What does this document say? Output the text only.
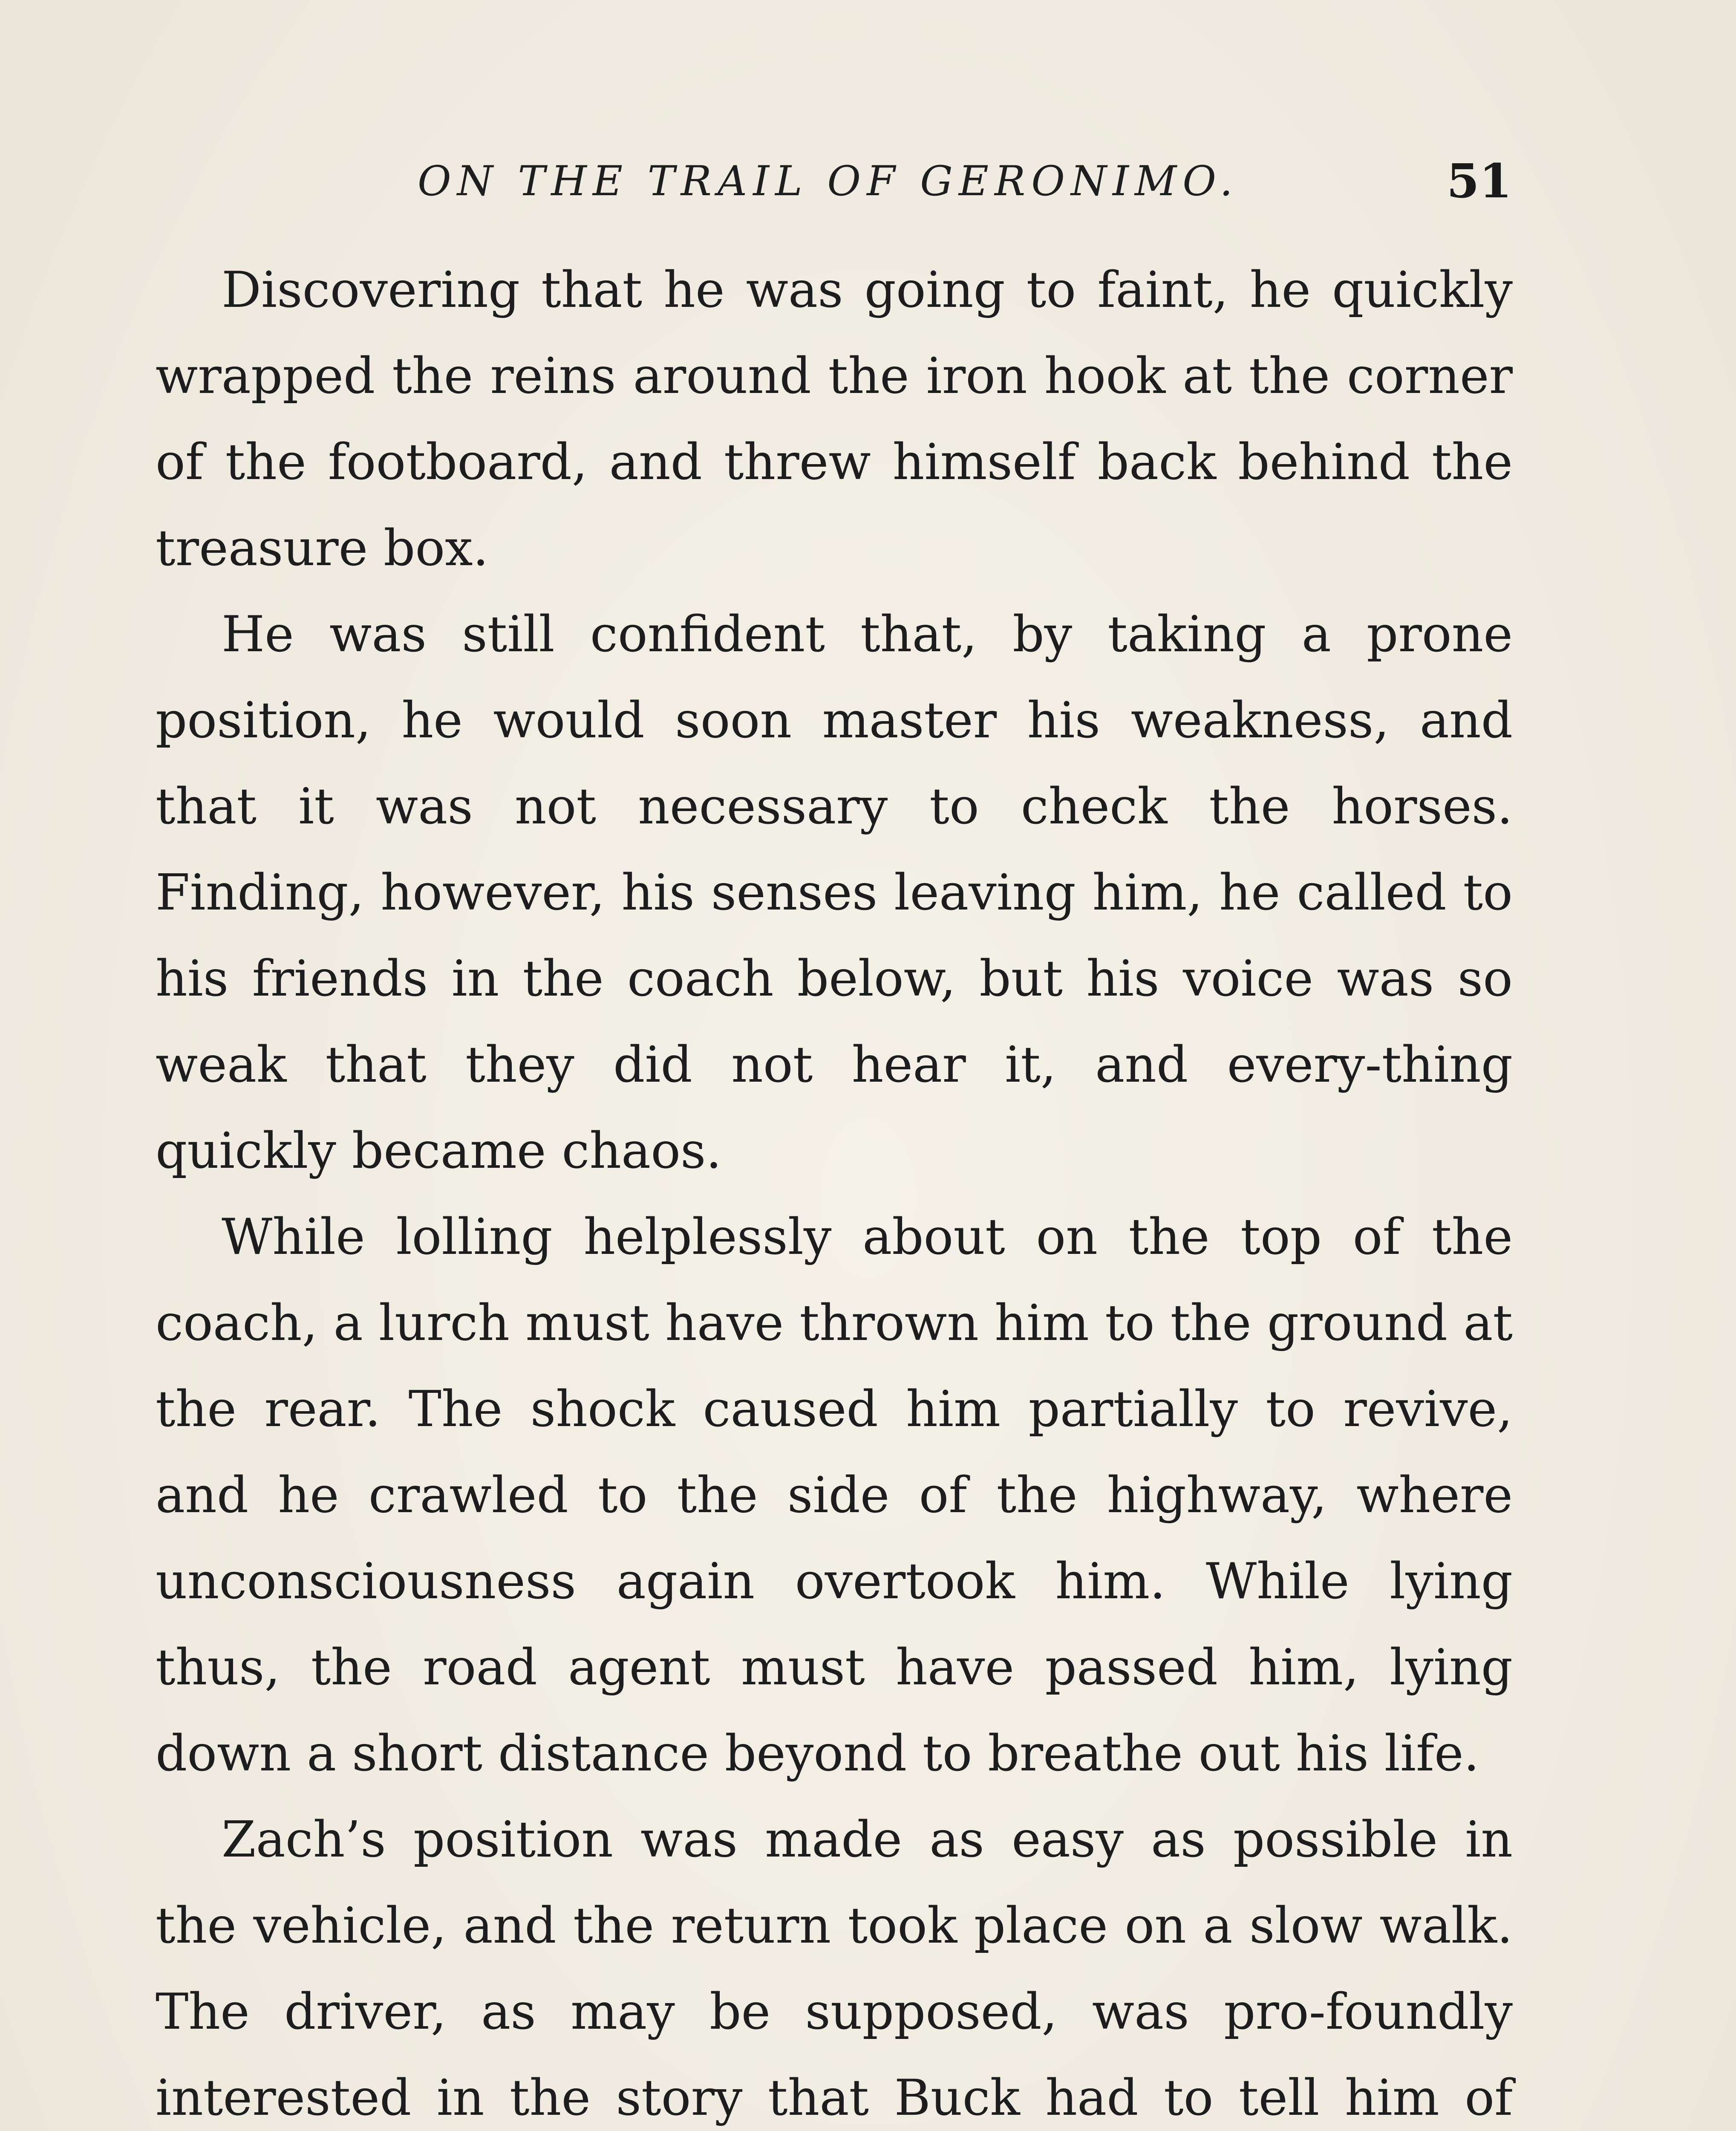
ON THE TRAIL OF GERONIMO.	51

Discovering that he was going to faint, he quickly wrapped the reins around the iron hook at the corner of the footboard, and threw himself back behind the treasure box.

He was still confident that, by taking a prone position, he would soon master his weakness, and that it was not necessary to check the horses. Finding, however, his senses leaving him, he called to his friends in the coach below, but his voice was so weak that they did not hear it, and every-thing quickly became chaos.

While lolling helplessly about on the top of the coach, a lurch must have thrown him to the ground at the rear. The shock caused him partially to revive, and he crawled to the side of the highway, where unconsciousness again overtook him. While lying thus, the road agent must have passed him, lying down a short distance beyond to breathe out his life.

Zach’s position was made as easy as possible in the vehicle, and the return took place on a slow walk. The driver, as may be supposed, was pro-foundly interested in the story that Buck had to tell him of
